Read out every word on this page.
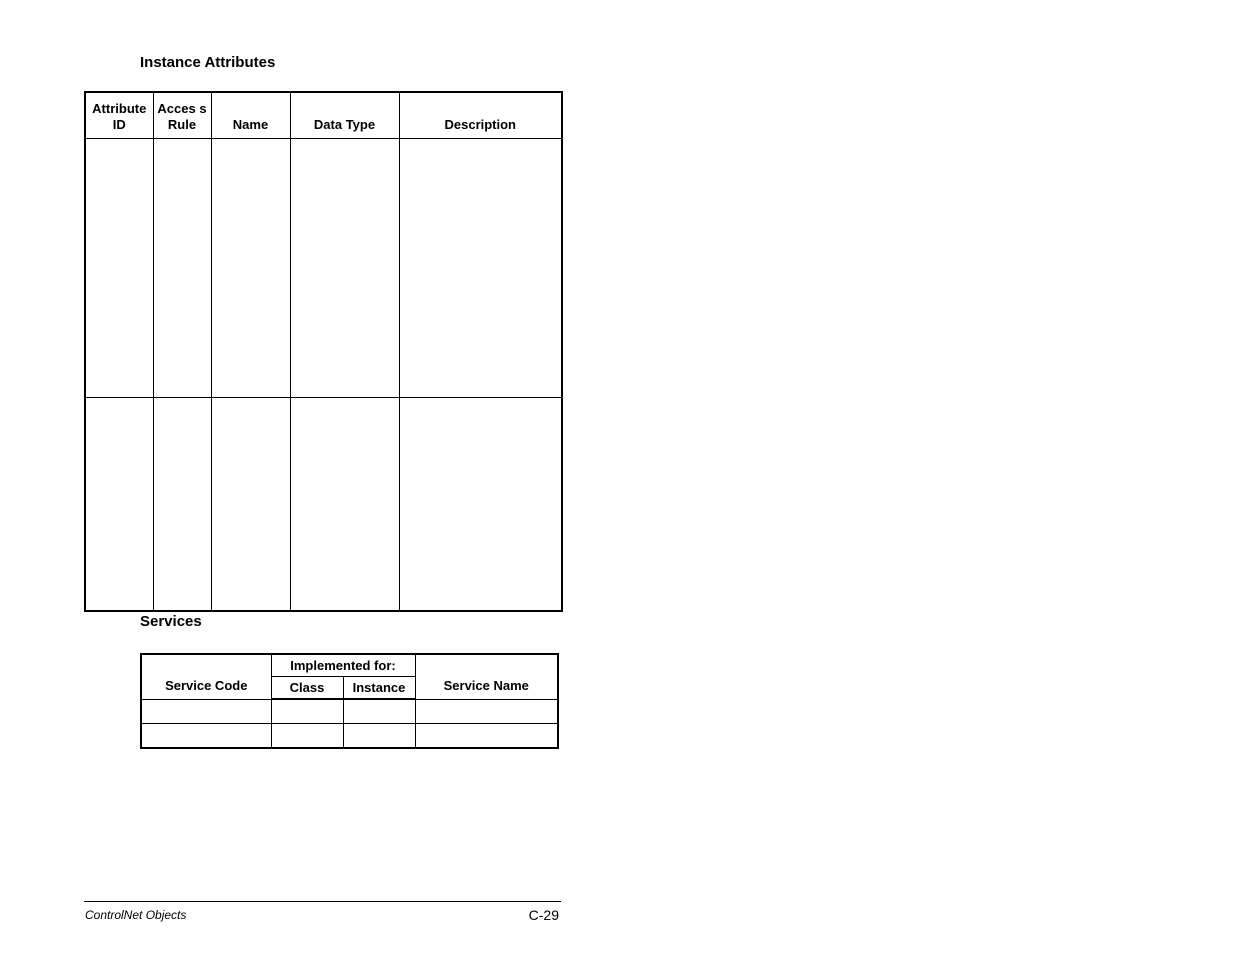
Instance Attributes
Attribute ID	Acces s Rule	Name	Data Type	Description

Services
Service Code	Implemented for:		Service Name
	Class	Instance	

ControlNet Objects	C-29
